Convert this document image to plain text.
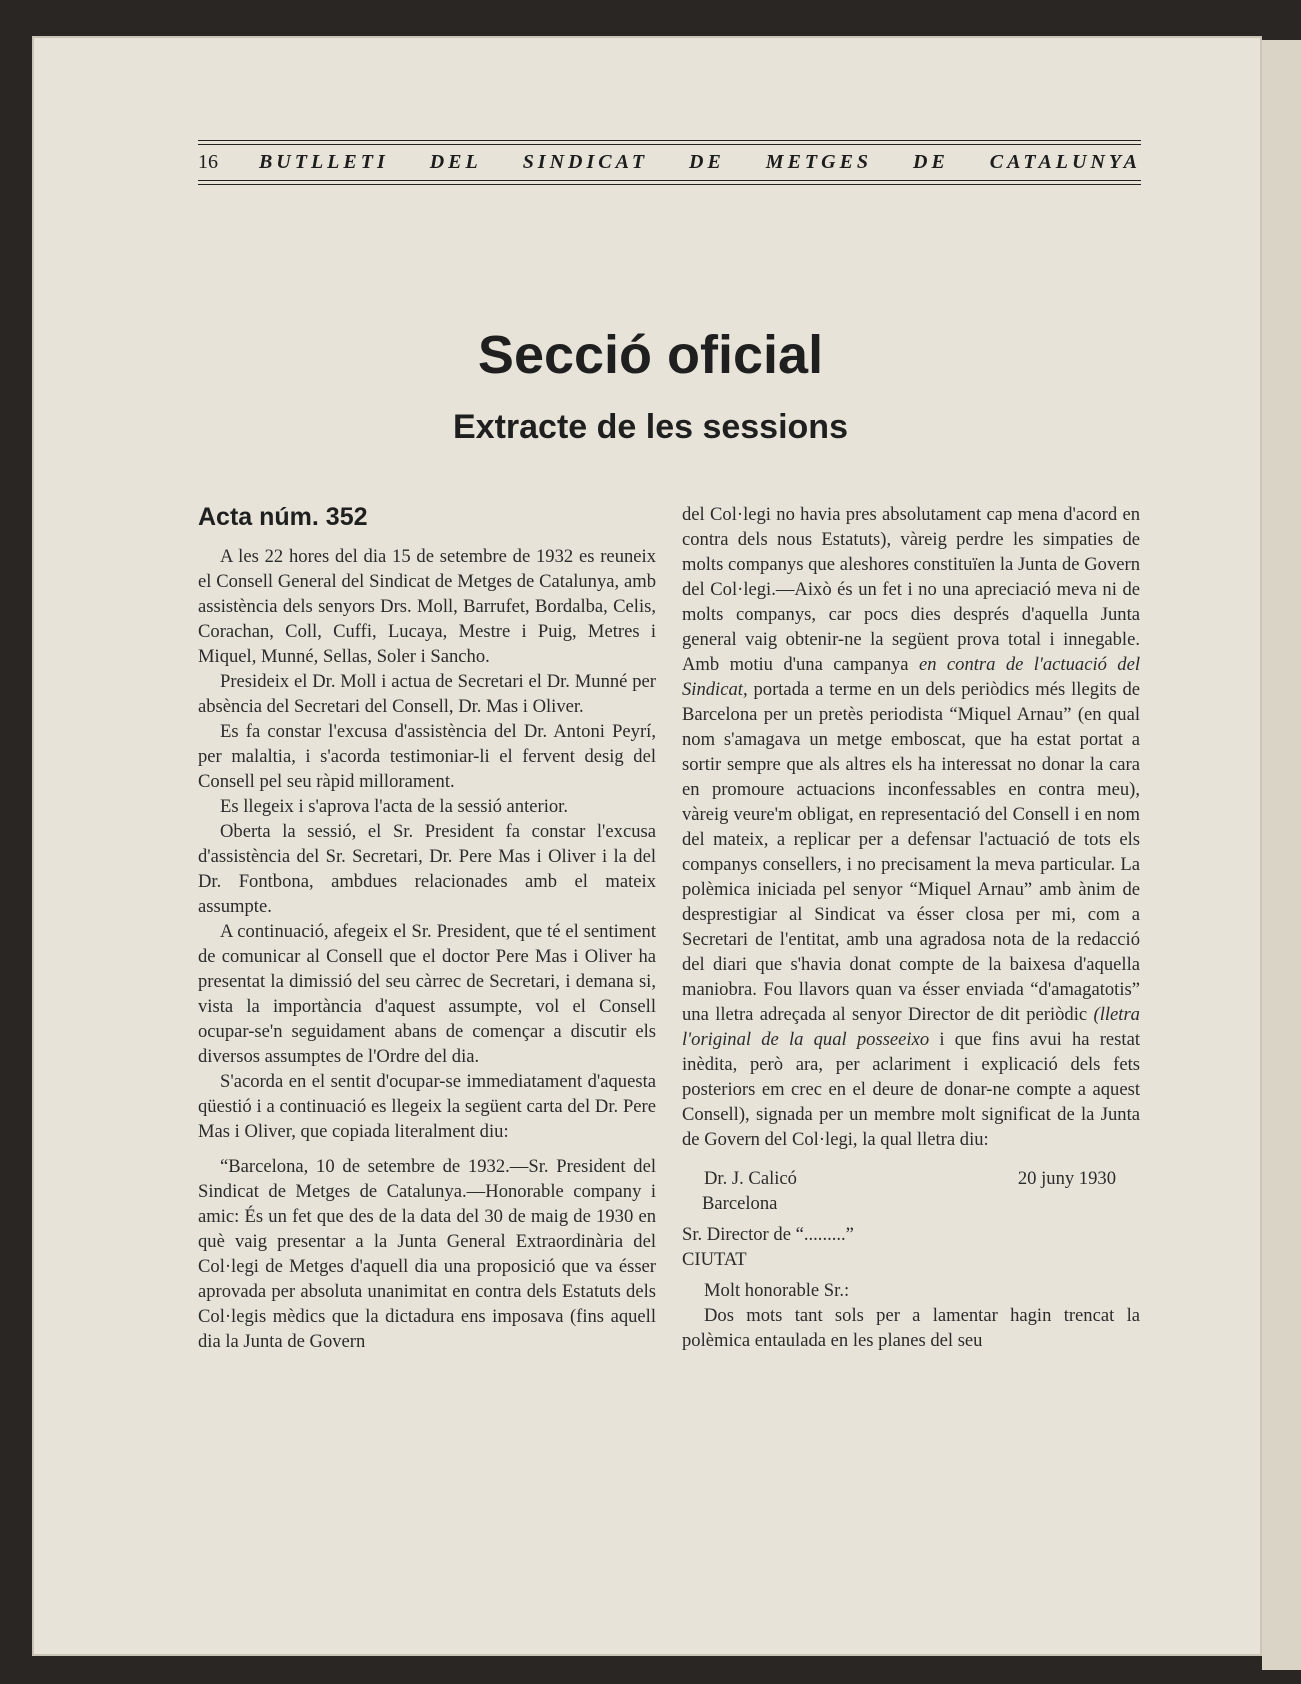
16 BUTLLETI DEL SINDICAT DE METGES DE CATALUNYA
Secció oficial
Extracte de les sessions
Acta núm. 352

A les 22 hores del dia 15 de setembre de 1932 es reuneix el Consell General del Sindicat de Metges de Catalunya, amb assistència dels senyors Drs. Moll, Barrufet, Bordalba, Celis, Corachan, Coll, Cuffi, Lucaya, Mestre i Puig, Metres i Miquel, Munné, Sellas, Soler i Sancho.

Presideix el Dr. Moll i actua de Secretari el Dr. Munné per absència del Secretari del Consell, Dr. Mas i Oliver.

Es fa constar l'excusa d'assistència del Dr. Antoni Peyrí, per malaltia, i s'acorda testimoniar-li el fervent desig del Consell pel seu ràpid millorament.

Es llegeix i s'aprova l'acta de la sessió anterior.

Oberta la sessió, el Sr. President fa constar l'excusa d'assistència del Sr. Secretari, Dr. Pere Mas i Oliver i la del Dr. Fontbona, ambdues relacionades amb el mateix assumpte.

A continuació, afegeix el Sr. President, que té el sentiment de comunicar al Consell que el doctor Pere Mas i Oliver ha presentat la dimissió del seu càrrec de Secretari, i demana si, vista la importància d'aquest assumpte, vol el Consell ocupar-se'n seguidament abans de començar a discutir els diversos assumptes de l'Ordre del dia.

S'acorda en el sentit d'ocupar-se immediatament d'aquesta qüestió i a continuació es llegeix la següent carta del Dr. Pere Mas i Oliver, que copiada literalment diu:

“Barcelona, 10 de setembre de 1932.—Sr. President del Sindicat de Metges de Catalunya.—Honorable company i amic: És un fet que des de la data del 30 de maig de 1930 en què vaig presentar a la Junta General Extraordinària del Col·legi de Metges d'aquell dia una proposició que va ésser aprovada per absoluta unanimitat en contra dels Estatuts dels Col·legis mèdics que la dictadura ens imposava (fins aquell dia la Junta de Govern

del Col·legi no havia pres absolutament cap mena d'acord en contra dels nous Estatuts), vàreig perdre les simpaties de molts companys que aleshores constituïen la Junta de Govern del Col·legi.—Això és un fet i no una apreciació meva ni de molts companys, car pocs dies després d'aquella Junta general vaig obtenir-ne la següent prova total i innegable. Amb motiu d'una campanya en contra de l'actuació del Sindicat, portada a terme en un dels periòdics més llegits de Barcelona per un pretès periodista “Miquel Arnau” (en qual nom s'amagava un metge emboscat, que ha estat portat a sortir sempre que als altres els ha interessat no donar la cara en promoure actuacions inconfessables en contra meu), vàreig veure'm obligat, en representació del Consell i en nom del mateix, a replicar per a defensar l'actuació de tots els companys consellers, i no precisament la meva particular. La polèmica iniciada pel senyor “Miquel Arnau” amb ànim de desprestigiar al Sindicat va ésser closa per mi, com a Secretari de l'entitat, amb una agradosa nota de la redacció del diari que s'havia donat compte de la baixesa d'aquella maniobra. Fou llavors quan va ésser enviada “d'amagatotis” una lletra adreçada al senyor Director de dit periòdic (lletra l'original de la qual posseeixo i que fins avui ha restat inèdita, però ara, per aclariment i explicació dels fets posteriors em crec en el deure de donar-ne compte a aquest Consell), signada per un membre molt significat de la Junta de Govern del Col·legi, la qual lletra diu:

Dr. J. Calicó	20 juny 1930

Barcelona

Sr. Director de “.........”

CIUTAT

Molt honorable Sr.:

Dos mots tant sols per a lamentar hagin trencat la polèmica entaulada en les planes del seu
